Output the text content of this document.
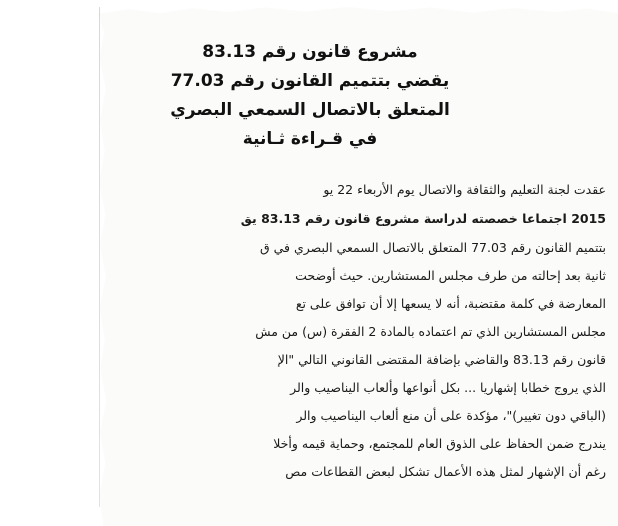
مشروع قانون رقم 83.13
يقضي بتتميم القانون رقم 77.03
المتعلق بالاتصال السمعي البصري
في قـراءة ثـانية
عقدت لجنة التعليم والثقافة والاتصال يوم الأربعاء 22 يو
2015 اجتماعا خصصته لدراسة مشروع قانون رقم 83.13 يق
بتتميم القانون رقم 77.03 المتعلق بالاتصال السمعي البصري في ق
ثانية بعد إحالته من طرف مجلس المستشارين. حيث أوضحت
المعارضة في كلمة مقتضبة، أنه لا يسعها إلا أن توافق على تع
مجلس المستشارين الذي تم اعتماده بالمادة 2 الفقرة (س) من مش
قانون رقم 83.13 والقاضي بإضافة المقتضى القانوني التالي "الإ
الذي يروج خطابا إشهاريا ... بكل أنواعها وألعاب اليناصيب والر
(الباقي دون تغيير)"، مؤكدة على أن منع ألعاب اليناصيب والر
يندرج ضمن الحفاظ على الذوق العام للمجتمع، وحماية قيمه وأخلا
رغم أن الإشهار لمثل هذه الأعمال تشكل لبعض القطاعات مص
